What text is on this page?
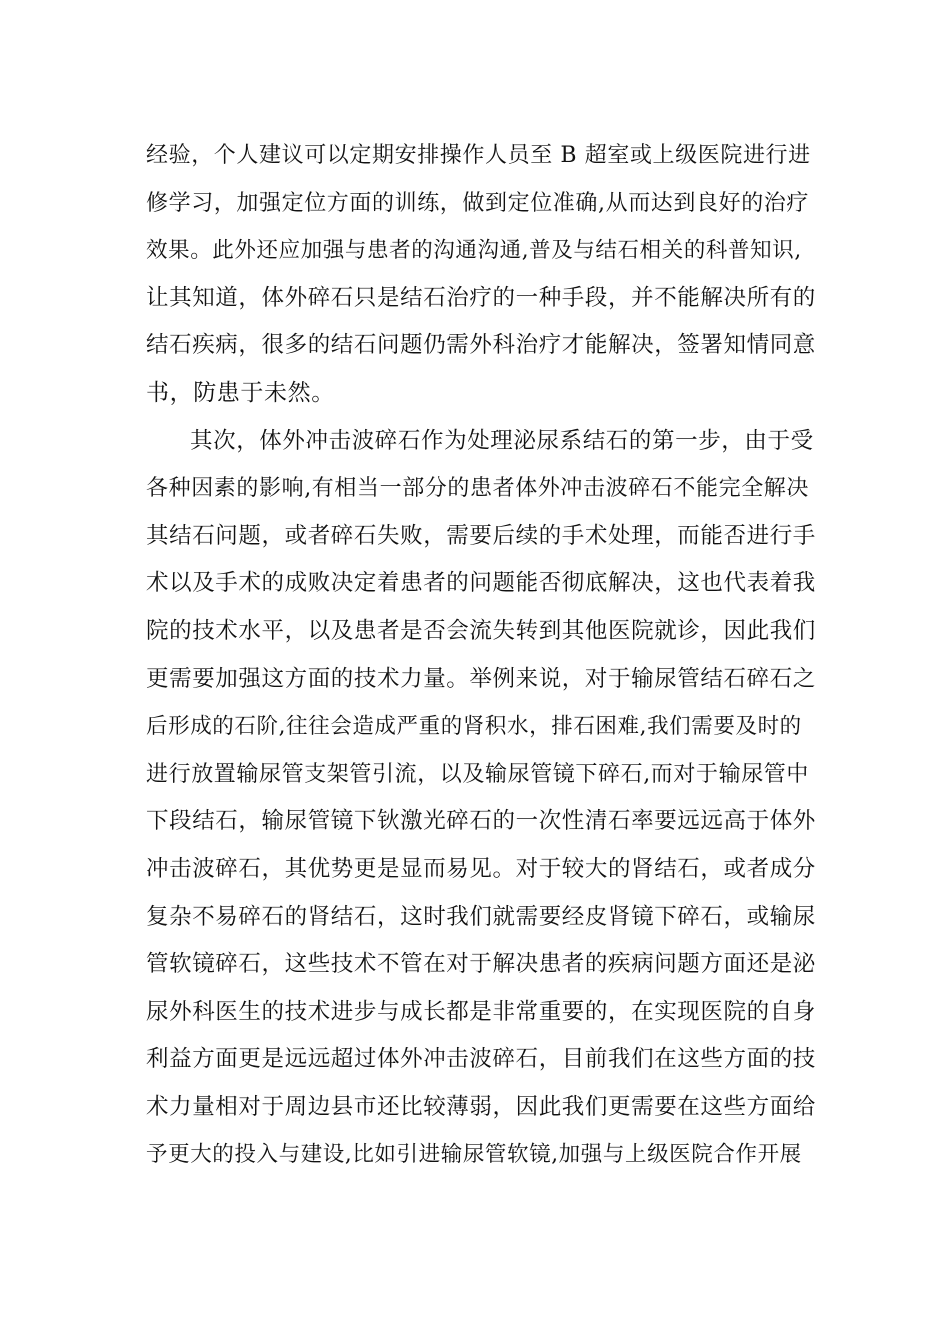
经验，个人建议可以定期安排操作人员至 B 超室或上级医院进行进
修学习，加强定位方面的训练，做到定位准确,从而达到良好的治疗
效果。此外还应加强与患者的沟通沟通,普及与结石相关的科普知识,
让其知道，体外碎石只是结石治疗的一种手段，并不能解决所有的
结石疾病，很多的结石问题仍需外科治疗才能解决，签署知情同意
书，防患于未然。
其次，体外冲击波碎石作为处理泌尿系结石的第一步，由于受
各种因素的影响,有相当一部分的患者体外冲击波碎石不能完全解决
其结石问题，或者碎石失败，需要后续的手术处理，而能否进行手
术以及手术的成败决定着患者的问题能否彻底解决，这也代表着我
院的技术水平，以及患者是否会流失转到其他医院就诊，因此我们
更需要加强这方面的技术力量。举例来说，对于输尿管结石碎石之
后形成的石阶,往往会造成严重的肾积水，排石困难,我们需要及时的
进行放置输尿管支架管引流，以及输尿管镜下碎石,而对于输尿管中
下段结石，输尿管镜下钬激光碎石的一次性清石率要远远高于体外
冲击波碎石，其优势更是显而易见。对于较大的肾结石，或者成分
复杂不易碎石的肾结石，这时我们就需要经皮肾镜下碎石，或输尿
管软镜碎石，这些技术不管在对于解决患者的疾病问题方面还是泌
尿外科医生的技术进步与成长都是非常重要的，在实现医院的自身
利益方面更是远远超过体外冲击波碎石，目前我们在这些方面的技
术力量相对于周边县市还比较薄弱，因此我们更需要在这些方面给
予更大的投入与建设,比如引进输尿管软镜,加强与上级医院合作开展
